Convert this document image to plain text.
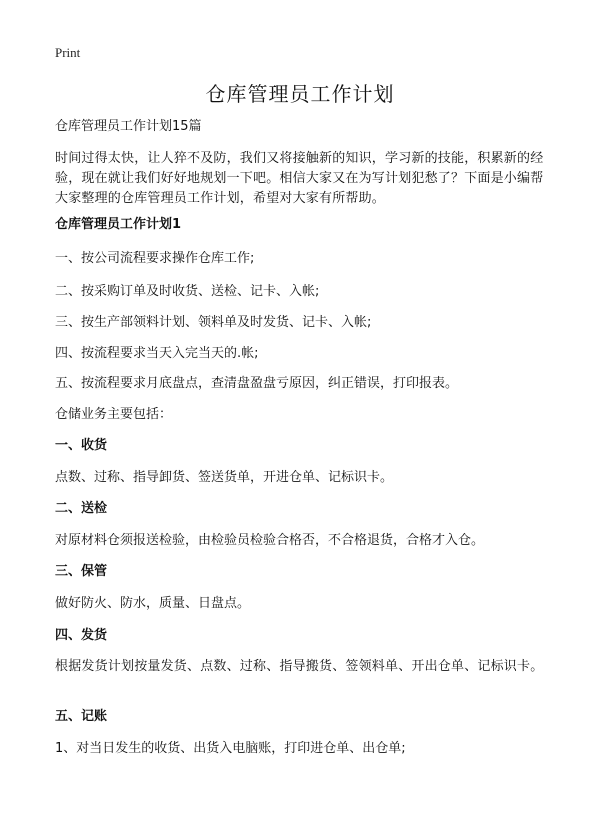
Print
仓库管理员工作计划
仓库管理员工作计划15篇
时间过得太快，让人猝不及防，我们又将接触新的知识，学习新的技能，积累新的经验，现在就让我们好好地规划一下吧。相信大家又在为写计划犯愁了？下面是小编帮大家整理的仓库管理员工作计划，希望对大家有所帮助。
仓库管理员工作计划1
一、按公司流程要求操作仓库工作;
二、按采购订单及时收货、送检、记卡、入帐;
三、按生产部领料计划、领料单及时发货、记卡、入帐;
四、按流程要求当天入完当天的.帐;
五、按流程要求月底盘点，查清盘盈盘亏原因，纠正错误，打印报表。
仓储业务主要包括：
一、收货
点数、过称、指导卸货、签送货单，开进仓单、记标识卡。
二、送检
对原材料仓须报送检验，由检验员检验合格否，不合格退货，合格才入仓。
三、保管
做好防火、防水，质量、日盘点。
四、发货
根据发货计划按量发货、点数、过称、指导搬货、签领料单、开出仓单、记标识卡。
五、记账
1、对当日发生的收货、出货入电脑账，打印进仓单、出仓单;
